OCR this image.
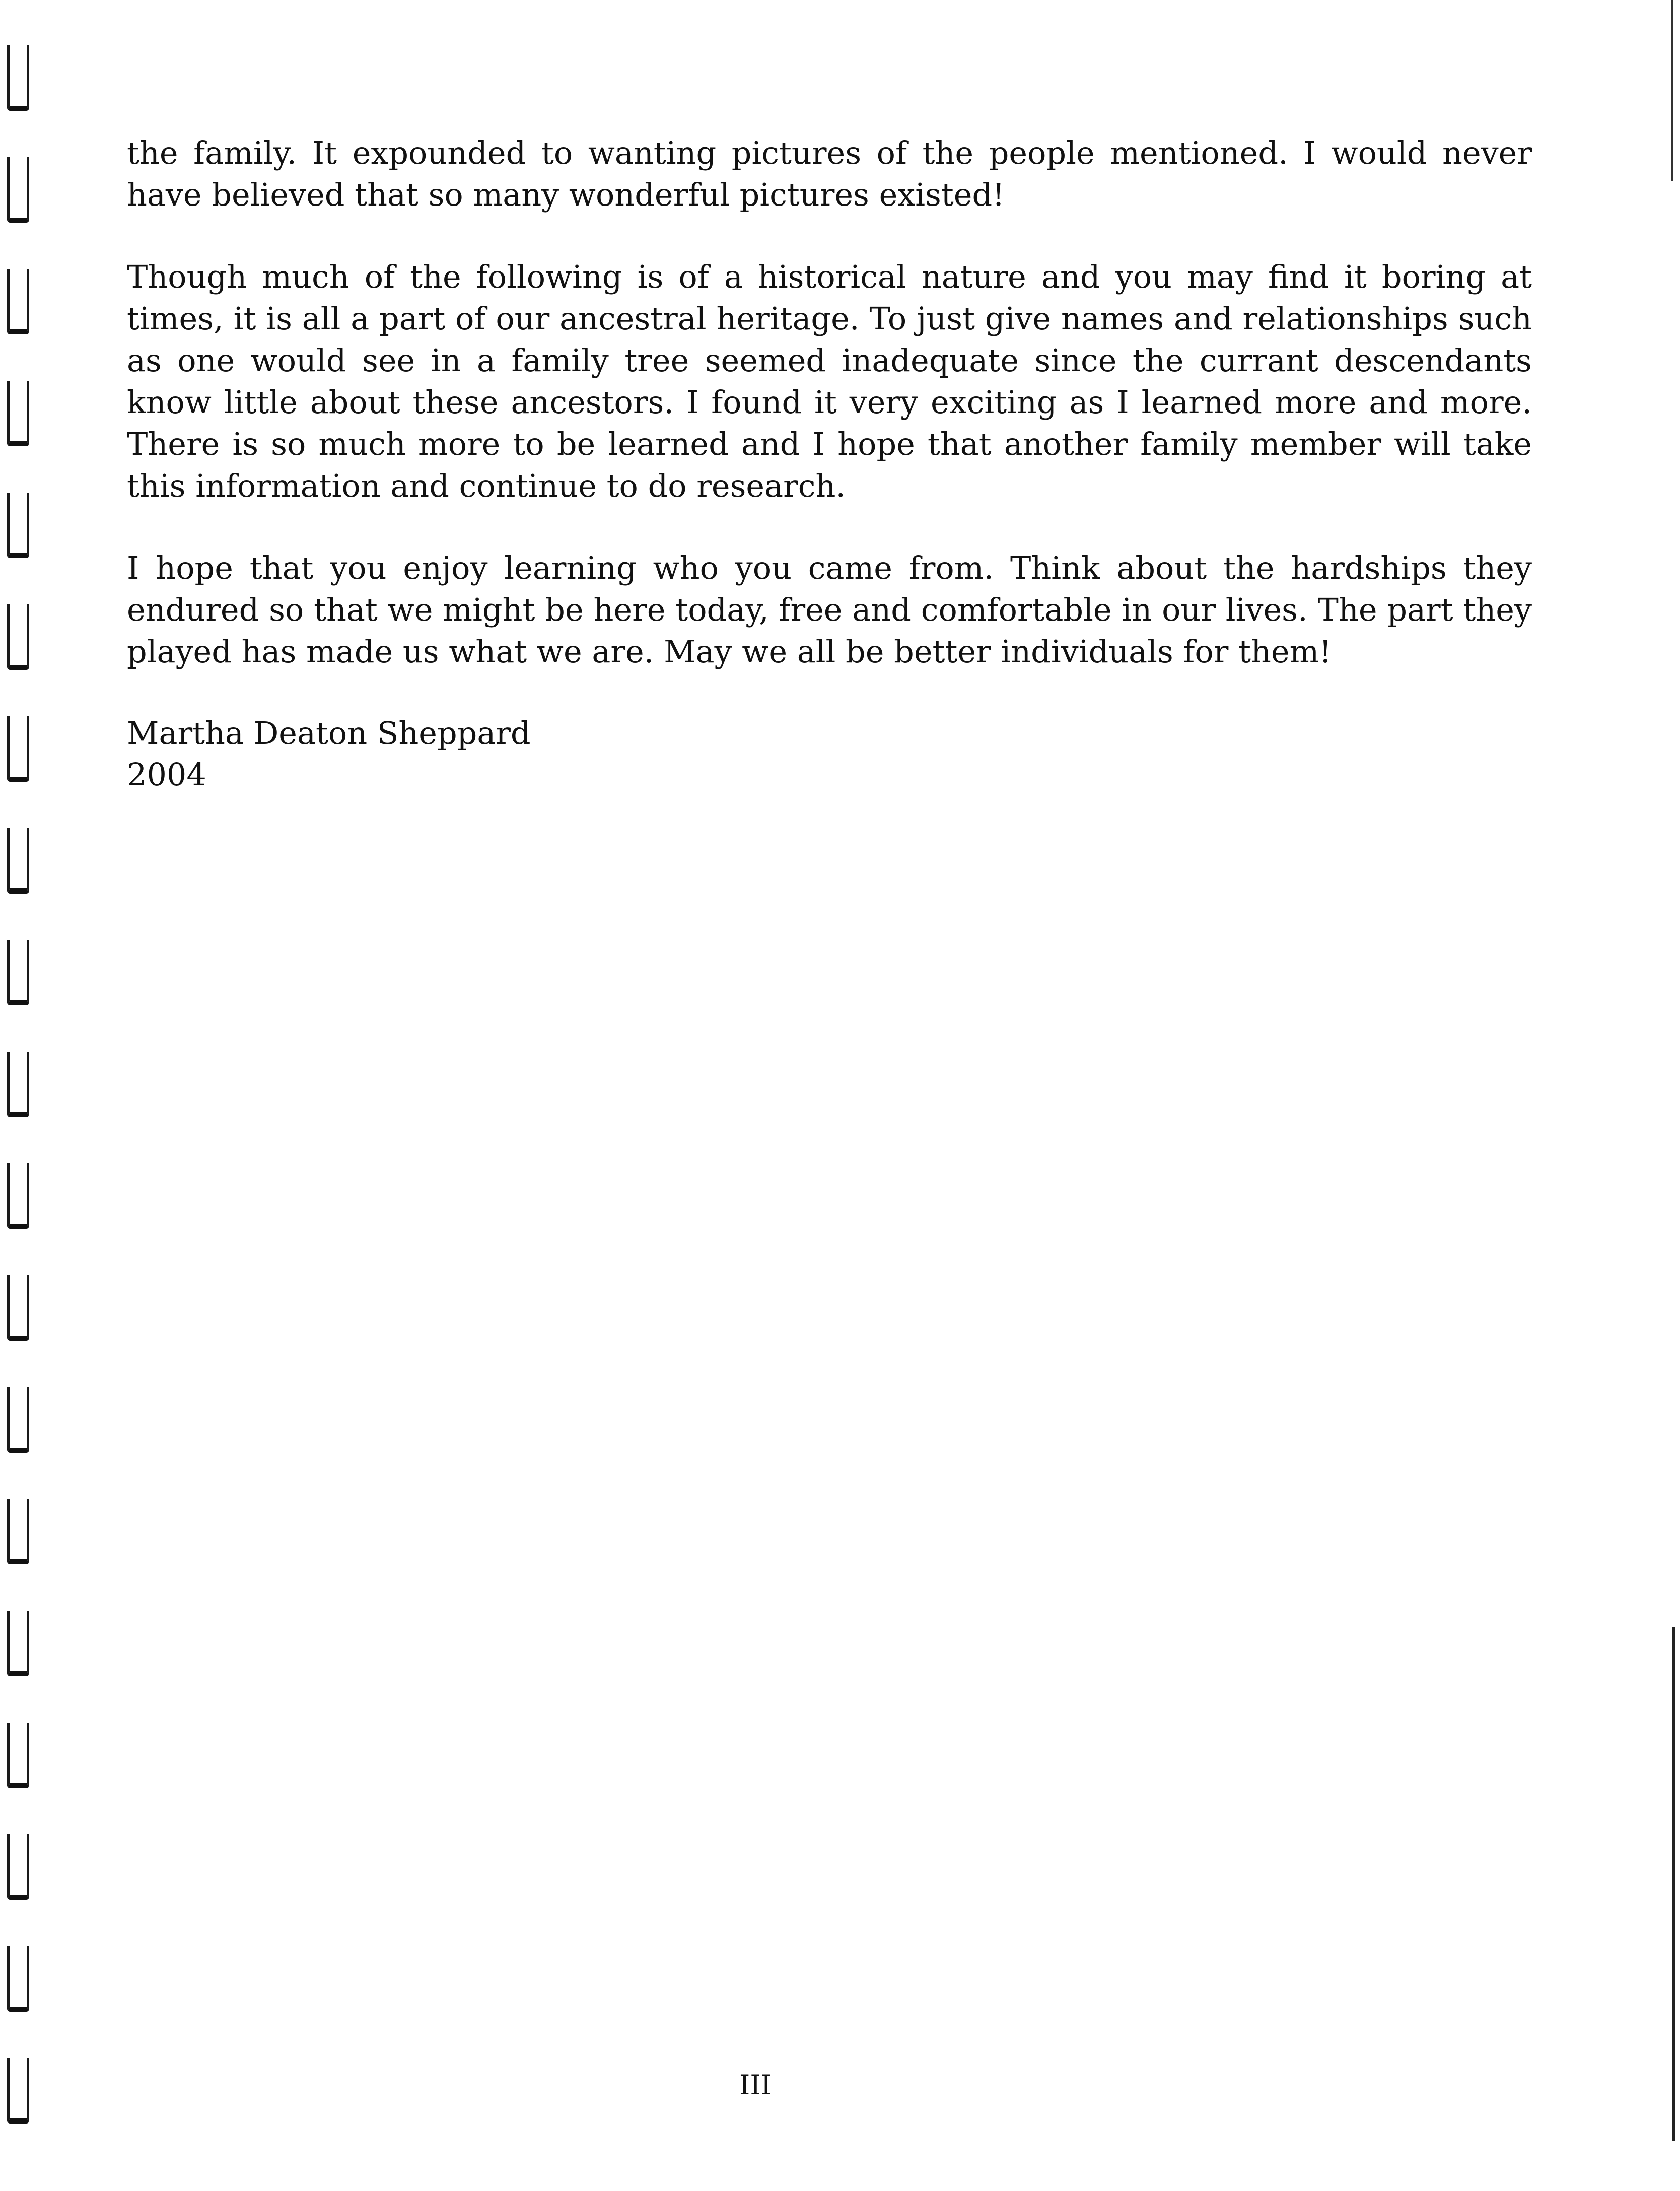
the family. It expounded to wanting pictures of the people mentioned. I would never have believed that so many wonderful pictures existed!

Though much of the following is of a historical nature and you may find it boring at times, it is all a part of our ancestral heritage. To just give names and relationships such as one would see in a family tree seemed inadequate since the currant descendants know little about these ancestors. I found it very exciting as I learned more and more. There is so much more to be learned and I hope that another family member will take this information and continue to do research.

I hope that you enjoy learning who you came from. Think about the hardships they endured so that we might be here today, free and comfortable in our lives. The part they played has made us what we are. May we all be better individuals for them!

Martha Deaton Sheppard
2004
III
